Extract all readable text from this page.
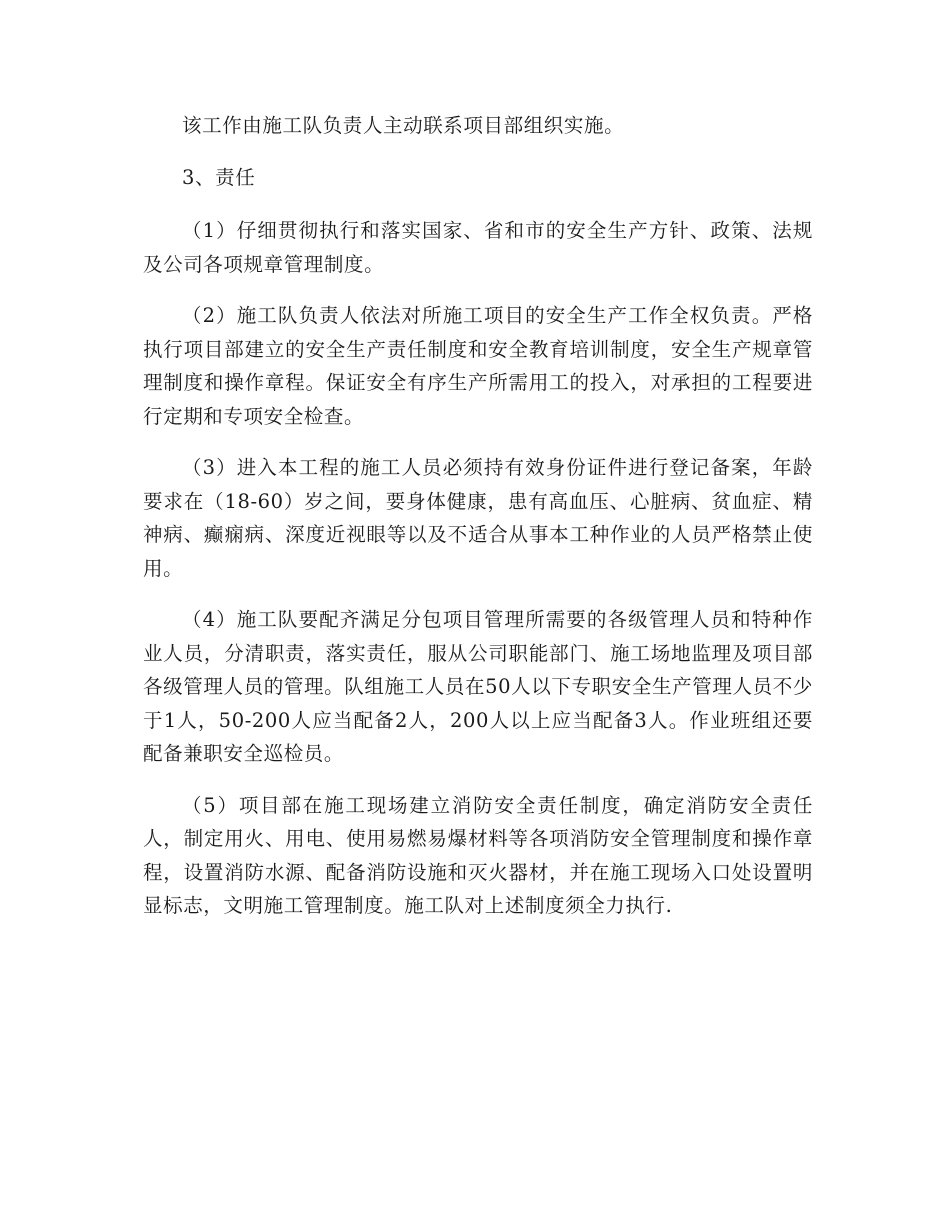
该工作由施工队负责人主动联系项目部组织实施。

3、责任

（1）仔细贯彻执行和落实国家、省和市的安全生产方针、政策、法规及公司各项规章管理制度。

（2）施工队负责人依法对所施工项目的安全生产工作全权负责。严格执行项目部建立的安全生产责任制度和安全教育培训制度，安全生产规章管理制度和操作章程。保证安全有序生产所需用工的投入，对承担的工程要进行定期和专项安全检查。

（3）进入本工程的施工人员必须持有效身份证件进行登记备案，年龄要求在（18-60）岁之间，要身体健康，患有高血压、心脏病、贫血症、精神病、癫痫病、深度近视眼等以及不适合从事本工种作业的人员严格禁止使用。

（4）施工队要配齐满足分包项目管理所需要的各级管理人员和特种作业人员，分清职责，落实责任，服从公司职能部门、施工场地监理及项目部各级管理人员的管理。队组施工人员在50人以下专职安全生产管理人员不少于1人，50-200人应当配备2人，200人以上应当配备3人。作业班组还要配备兼职安全巡检员。

（5）项目部在施工现场建立消防安全责任制度，确定消防安全责任人，制定用火、用电、使用易燃易爆材料等各项消防安全管理制度和操作章程，设置消防水源、配备消防设施和灭火器材，并在施工现场入口处设置明显标志，文明施工管理制度。施工队对上述制度须全力执行.
